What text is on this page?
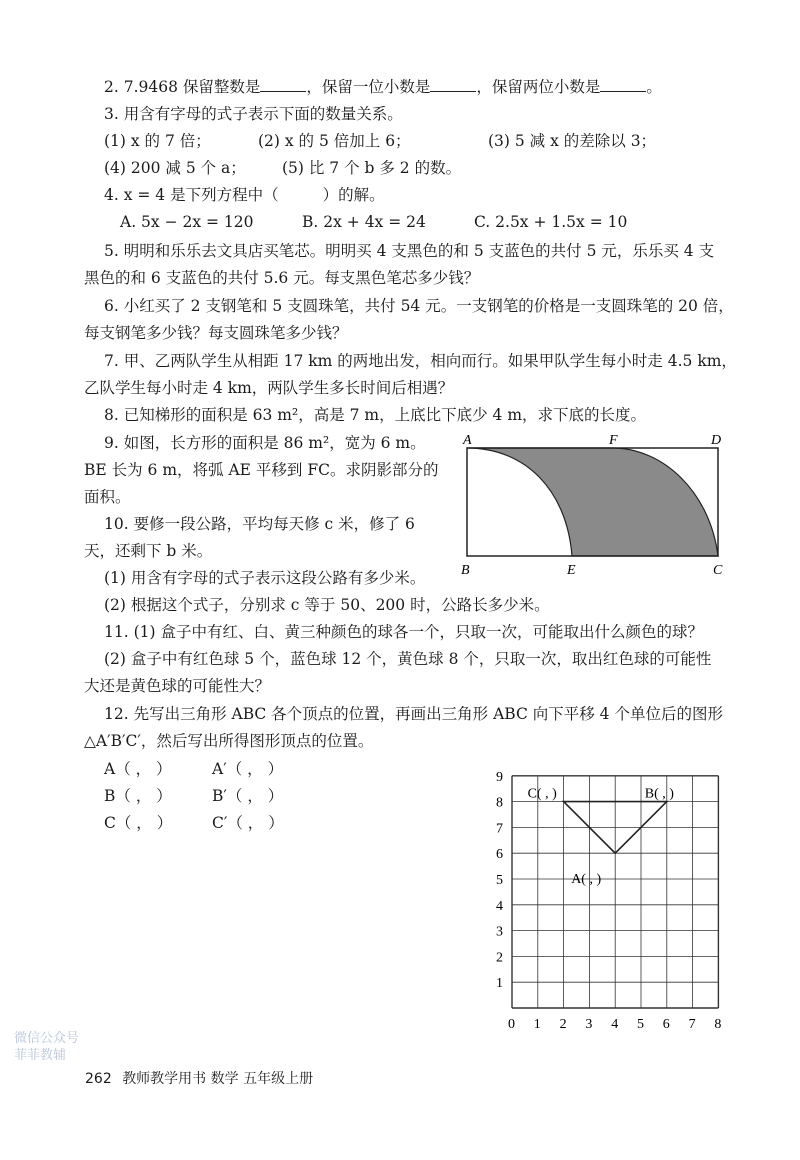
2. 7.9468 保留整数是	，保留一位小数是	，保留两位小数是	。
3. 用含有字母的式子表示下面的数量关系。
(1) x 的 7 倍；	(2) x 的 5 倍加上 6；	(3) 5 减 x 的差除以 3；
(4) 200 减 5 个 a； (5) 比 7 个 b 多 2 的数。
4. x = 4 是下列方程中（	）的解。
A. 5x − 2x = 120	B. 2x + 4x = 24	C. 2.5x + 1.5x = 10
5. 明明和乐乐去文具店买笔芯。明明买 4 支黑色的和 5 支蓝色的共付 5 元，乐乐买 4 支
黑色的和 6 支蓝色的共付 5.6 元。每支黑色笔芯多少钱？
6. 小红买了 2 支钢笔和 5 支圆珠笔，共付 54 元。一支钢笔的价格是一支圆珠笔的 20 倍，
每支钢笔多少钱？每支圆珠笔多少钱？
7. 甲、乙两队学生从相距 17 km 的两地出发，相向而行。如果甲队学生每小时走 4.5 km，
乙队学生每小时走 4 km，两队学生多长时间后相遇？
8. 已知梯形的面积是 63 m²，高是 7 m，上底比下底少 4 m，求下底的长度。
9. 如图，长方形的面积是 86 m²，宽为 6 m。
BE 长为 6 m，将弧 AE 平移到 FC。求阴影部分的
面积。
A	F	D
B	E	C
10. 要修一段公路，平均每天修 c 米，修了 6
天，还剩下 b 米。
(1) 用含有字母的式子表示这段公路有多少米。
(2) 根据这个式子，分别求 c 等于 50、200 时，公路长多少米。
11. (1) 盒子中有红、白、黄三种颜色的球各一个，只取一次，可能取出什么颜色的球？
(2) 盒子中有红色球 5 个，蓝色球 12 个，黄色球 8 个，只取一次，取出红色球的可能性
大还是黄色球的可能性大？
12. 先写出三角形 ABC 各个顶点的位置，再画出三角形 ABC 向下平移 4 个单位后的图形
△A′B′C′，然后写出所得图形顶点的位置。
A（ ， ）	A′（ ， ）
B（ ， ）	B′（ ， ）
C（ ， ）	C′（ ， ）
0 1 2 3 4 5 6 7 8
1
2
3
4
5
6
7
8
9
A( , )
B( , )
C( , )
微信公众号
菲菲教辅
262 教师教学用书 数学 五年级上册
